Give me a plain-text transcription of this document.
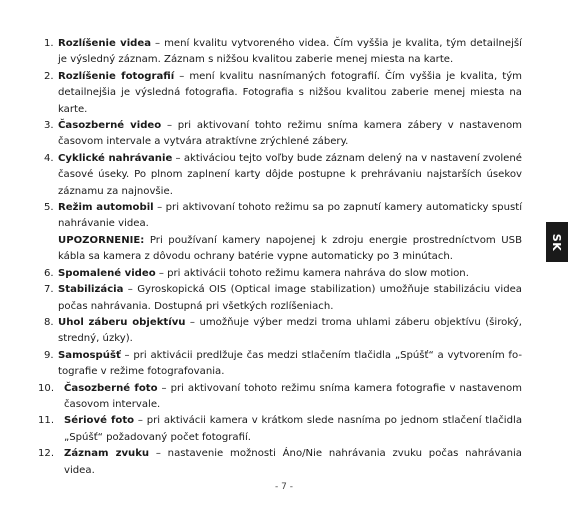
1. Rozlíšenie videa – mení kvalitu vytvoreného videa. Čím vyššia je kvalita, tým detailnejší je výsledný záznam. Záznam s nižšou kvalitou zaberie menej miesta na karte.
2. Rozlíšenie fotografií – mení kvalitu nasnímaných fotografií. Čím vyššia je kvalita, tým detailnejšia je výsledná fotografia. Fotografia s nižšou kvalitou zaberie menej miesta na karte.
3. Časozberné video – pri aktivovaní tohto režimu sníma kamera zábery v nastavenom časovom intervale a vytvára atraktívne zrýchlené zábery.
4. Cyklické nahrávanie – aktiváciou tejto voľby bude záznam delený na v nastavení zvolené časové úseky. Po plnom zaplnení karty dôjde postupne k prehrávaniu najstarších úsekov záznamu za najnovšie.
5. Režim automobil – pri aktivovaní tohoto režimu sa po zapnutí kamery automaticky spustí nahrávanie videa.
UPOZORNENIE: Pri používaní kamery napojenej k zdroju energie prostredníctvom USB kábla sa kamera z dôvodu ochrany batérie vypne automaticky po 3 minútach.
6. Spomalené video – pri aktivácii tohoto režimu kamera nahráva do slow motion.
7. Stabilizácia – Gyroskopická OIS (Optical image stabilization) umožňuje stabilizáciu videa počas nahrávania. Dostupná pri všetkých rozlíšeniach.
8. Uhol záberu objektívu – umožňuje výber medzi troma uhlami záberu objektívu (široký, stredný, úzky).
9. Samospúšť – pri aktivácii predlžuje čas medzi stlačením tlačidla „Spúšť“ a vytvorením fo-tografie v režime fotografovania.
10. Časozberné foto – pri aktivovaní tohoto režimu sníma kamera fotografie v nastavenom časovom intervale.
11. Sériové foto – pri aktivácii kamera v krátkom slede nasníma po jednom stlačení tlačidla „Spúšť“ požadovaný počet fotografií.
12. Záznam zvuku – nastavenie možnosti Áno/Nie nahrávania zvuku počas nahrávania videa.
SK
- 7 -
